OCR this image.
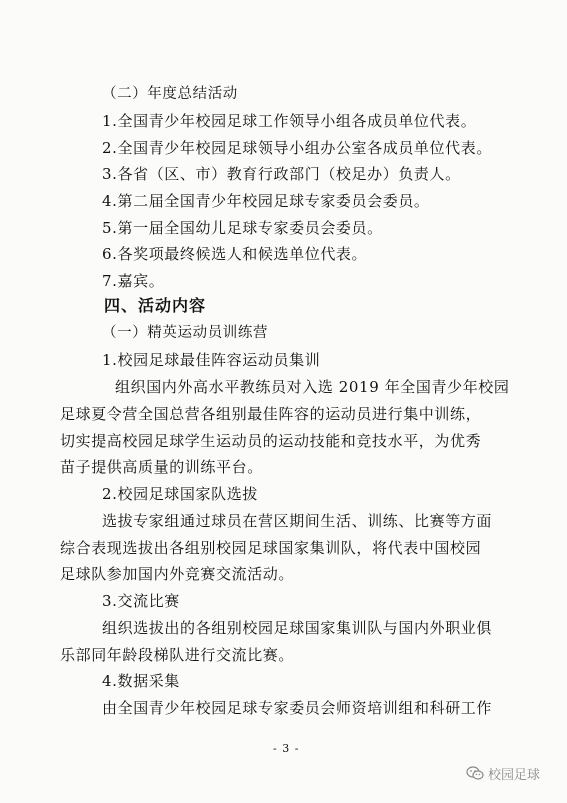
（二）年度总结活动
1.全国青少年校园足球工作领导小组各成员单位代表。
2.全国青少年校园足球领导小组办公室各成员单位代表。
3.各省（区、市）教育行政部门（校足办）负责人。
4.第二届全国青少年校园足球专家委员会委员。
5.第一届全国幼儿足球专家委员会委员。
6.各奖项最终候选人和候选单位代表。
7.嘉宾。
四、活动内容
（一）精英运动员训练营
1.校园足球最佳阵容运动员集训
组织国内外高水平教练员对入选 2019 年全国青少年校园
足球夏令营全国总营各组别最佳阵容的运动员进行集中训练，
切实提高校园足球学生运动员的运动技能和竞技水平，为优秀
苗子提供高质量的训练平台。
2.校园足球国家队选拔
选拔专家组通过球员在营区期间生活、训练、比赛等方面
综合表现选拔出各组别校园足球国家集训队，将代表中国校园
足球队参加国内外竞赛交流活动。
3.交流比赛
组织选拔出的各组别校园足球国家集训队与国内外职业俱
乐部同年龄段梯队进行交流比赛。
4.数据采集
由全国青少年校园足球专家委员会师资培训组和科研工作
- 3 -
校园足球
